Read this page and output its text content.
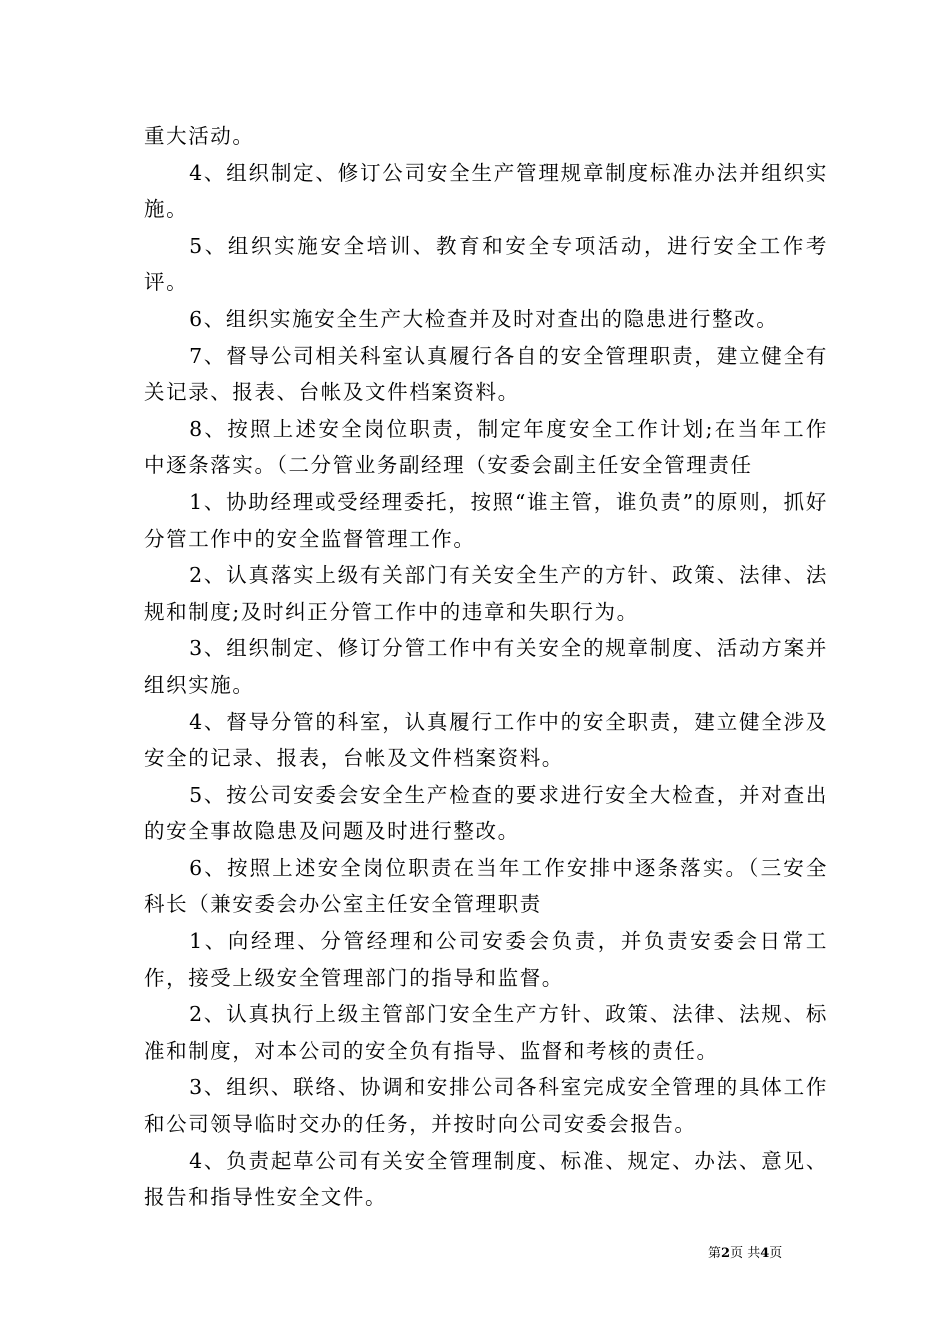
重大活动。

4、组织制定、修订公司安全生产管理规章制度标准办法并组织实施。

5、组织实施安全培训、教育和安全专项活动，进行安全工作考评。

6、组织实施安全生产大检查并及时对查出的隐患进行整改。

7、督导公司相关科室认真履行各自的安全管理职责，建立健全有关记录、报表、台帐及文件档案资料。

8、按照上述安全岗位职责，制定年度安全工作计划;在当年工作中逐条落实。（二分管业务副经理（安委会副主任安全管理责任

1、协助经理或受经理委托，按照“谁主管，谁负责”的原则，抓好分管工作中的安全监督管理工作。

2、认真落实上级有关部门有关安全生产的方针、政策、法律、法规和制度;及时纠正分管工作中的违章和失职行为。

3、组织制定、修订分管工作中有关安全的规章制度、活动方案并组织实施。

4、督导分管的科室，认真履行工作中的安全职责，建立健全涉及安全的记录、报表，台帐及文件档案资料。

5、按公司安委会安全生产检查的要求进行安全大检查，并对查出的安全事故隐患及问题及时进行整改。

6、按照上述安全岗位职责在当年工作安排中逐条落实。（三安全科长（兼安委会办公室主任安全管理职责

1、向经理、分管经理和公司安委会负责，并负责安委会日常工作，接受上级安全管理部门的指导和监督。

2、认真执行上级主管部门安全生产方针、政策、法律、法规、标准和制度，对本公司的安全负有指导、监督和考核的责任。

3、组织、联络、协调和安排公司各科室完成安全管理的具体工作和公司领导临时交办的任务，并按时向公司安委会报告。

4、负责起草公司有关安全管理制度、标准、规定、办法、意见、报告和指导性安全文件。

第2页 共4页
